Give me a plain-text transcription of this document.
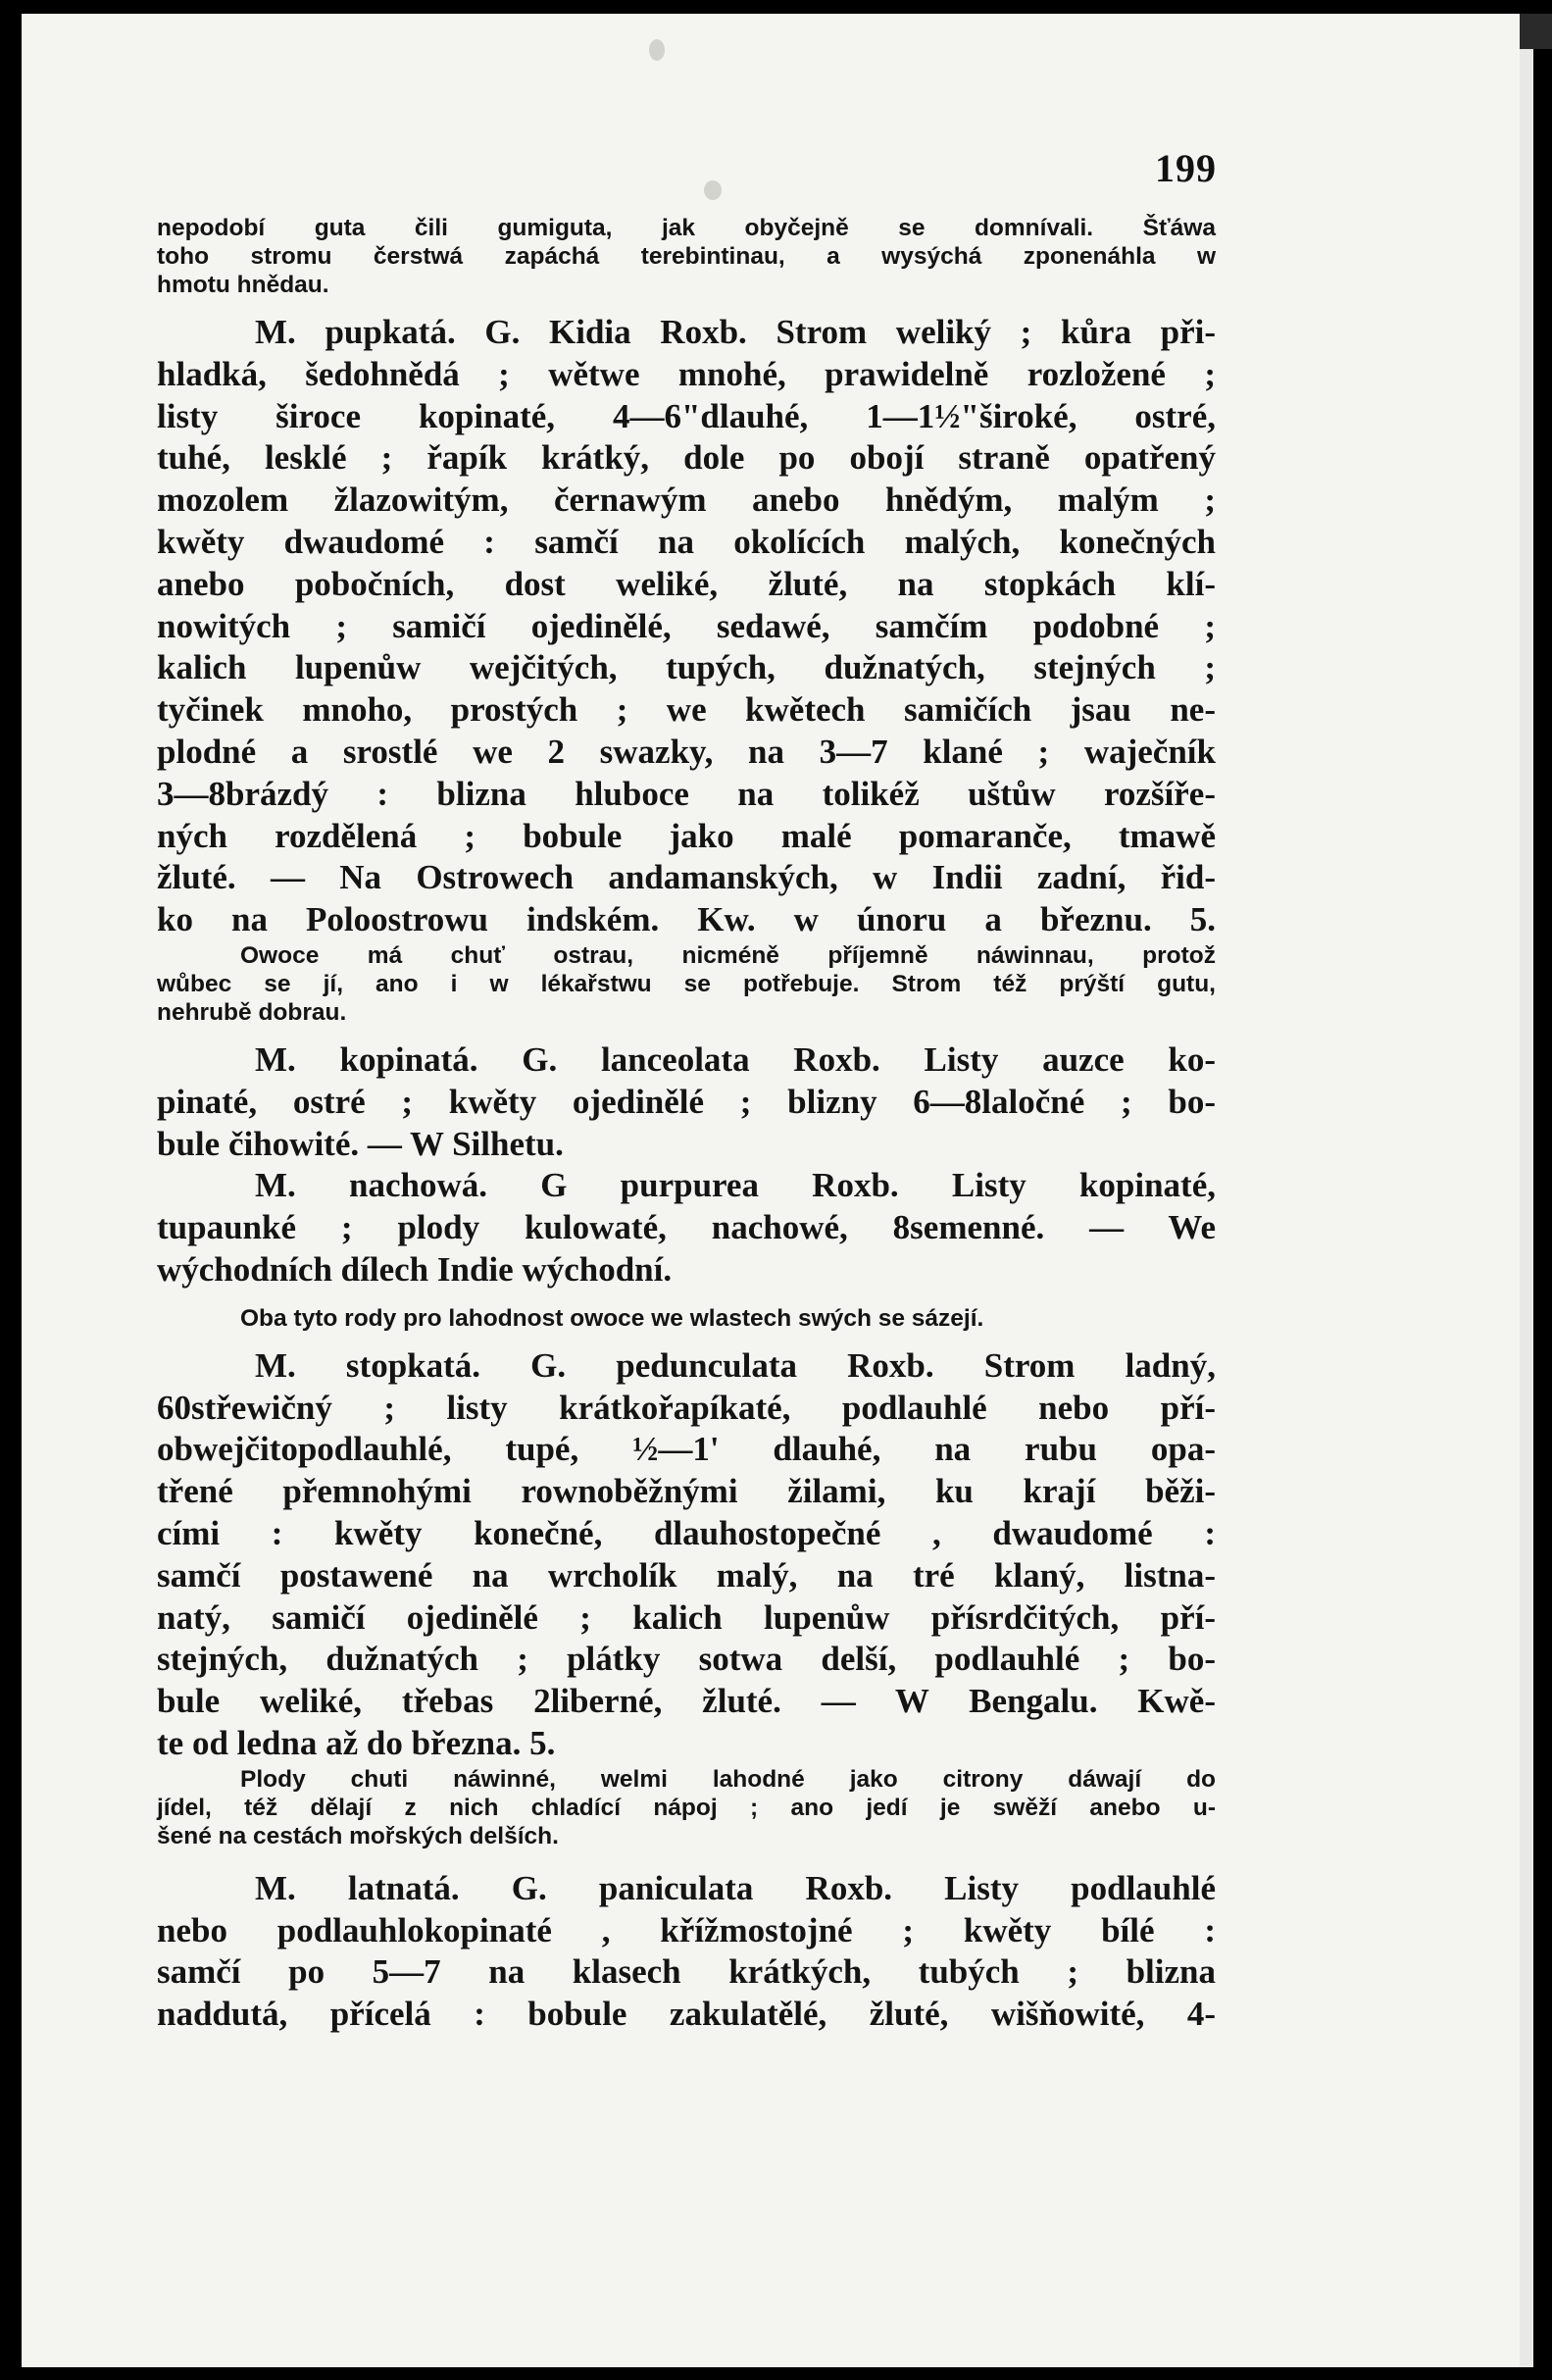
199
nepodobí guta čili gumiguta, jak obyčejně se domnívali. Šťáwa
toho stromu čerstwá zapáchá terebintinau, a wysýchá zponenáhla w
hmotu hnědau.
M. pupkatá. G. Kidia Roxb. Strom weliký ; kůra při-
hladká, šedohnědá ; wětwe mnohé, prawidelně rozložené ;
listy široce kopinaté, 4—6"dlauhé, 1—1½"široké, ostré,
tuhé, lesklé ; řapík krátký, dole po obojí straně opatřený
mozolem žlazowitým, černawým anebo hnědým, malým ;
kwěty dwaudomé : samčí na okolících malých, konečných
anebo pobočních, dost weliké, žluté, na stopkách klí-
nowitých ; samičí ojedinělé, sedawé, samčím podobné ;
kalich lupenůw wejčitých, tupých, dužnatých, stejných ;
tyčinek mnoho, prostých ; we kwětech samičích jsau ne-
plodné a srostlé we 2 swazky, na 3—7 klané ; waječník
3—8brázdý : blizna hluboce na tolikéž uštůw rozšíře-
ných rozdělená ; bobule jako malé pomaranče, tmawě
žluté. — Na Ostrowech andamanských, w Indii zadní, řid-
ko na Poloostrowu indském. Kw. w únoru a březnu. 5.
Owoce má chuť ostrau, nicméně příjemně náwinnau, protož
wůbec se jí, ano i w lékařstwu se potřebuje. Strom též prýští gutu,
nehrubě dobrau.
M. kopinatá. G. lanceolata Roxb. Listy auzce ko-
pinaté, ostré ; kwěty ojedinělé ; blizny 6—8laločné ; bo-
bule čihowité. — W Silhetu.
M. nachowá. G purpurea Roxb. Listy kopinaté,
tupaunké ; plody kulowaté, nachowé, 8semenné. — We
wýchodních dílech Indie wýchodní.
Oba tyto rody pro lahodnost owoce we wlastech swých se sázejí.
M. stopkatá. G. pedunculata Roxb. Strom ladný,
60střewičný ; listy krátkořapíkaté, podlauhlé nebo pří-
obwejčitopodlauhlé, tupé, ½—1' dlauhé, na rubu opa-
třené přemnohými rownoběžnými žilami, ku krají běži-
cími : kwěty konečné, dlauhostopečné , dwaudomé :
samčí postawené na wrcholík malý, na tré klaný, listna-
natý, samičí ojedinělé ; kalich lupenůw přísrdčitých, pří-
stejných, dužnatých ; plátky sotwa delší, podlauhlé ; bo-
bule weliké, třebas 2liberné, žluté. — W Bengalu. Kwě-
te od ledna až do března. 5.
Plody chuti náwinné, welmi lahodné jako citrony dáwají do
jídel, též dělají z nich chladící nápoj ; ano jedí je swěží anebo u-
šené na cestách mořských delších.
M. latnatá. G. paniculata Roxb. Listy podlauhlé
nebo podlauhlokopinaté , křížmostojné ; kwěty bílé :
samčí po 5—7 na klasech krátkých, tubých ; blizna
naddutá, přícelá : bobule zakulatělé, žluté, wišňowité, 4-
